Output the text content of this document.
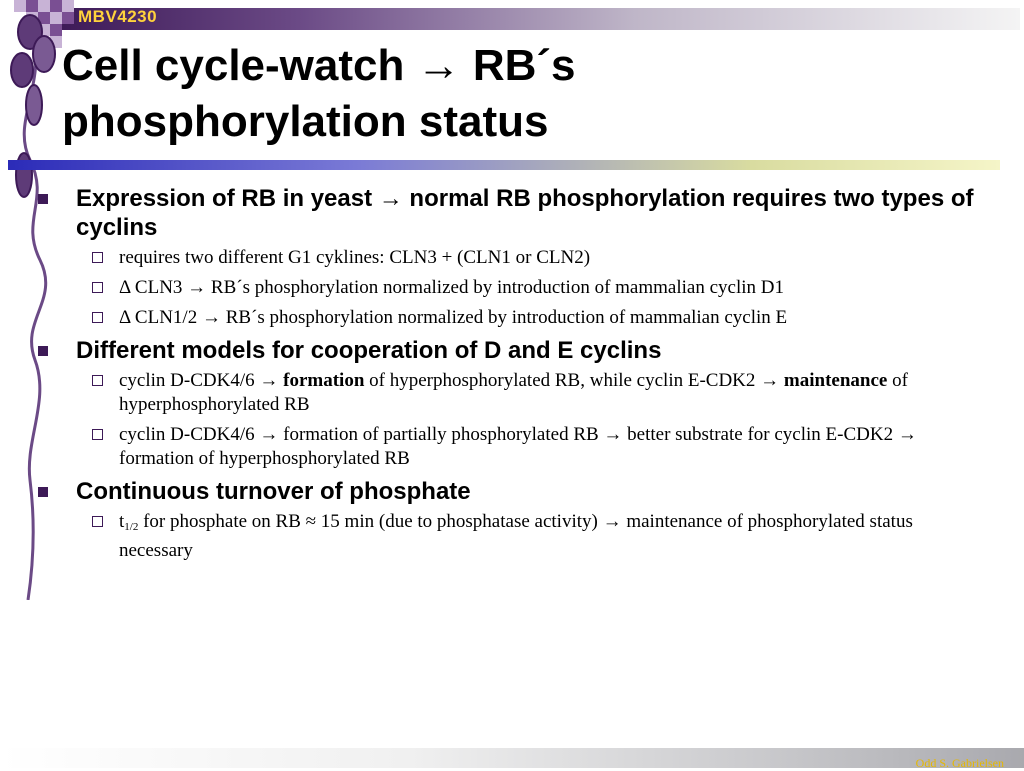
MBV4230
Cell cycle-watch → RB´s
phosphorylation status
Expression of RB in yeast → normal RB phosphorylation requires two types of cyclins
requires two different G1 cyklines: CLN3 + (CLN1 or CLN2)
Δ CLN3 → RB´s phosphorylation normalized by introduction of mammalian cyclin D1
Δ CLN1/2 → RB´s phosphorylation normalized by introduction of mammalian cyclin E
Different models for cooperation of D and E cyclins
cyclin D-CDK4/6 → formation of hyperphosphorylated RB, while cyclin E-CDK2 → maintenance of hyperphosphorylated RB
cyclin D-CDK4/6 → formation of partially phosphorylated RB → better substrate for cyclin E-CDK2 → formation of hyperphosphorylated RB
Continuous turnover of phosphate
$t_{1/2}$ for phosphate on RB ≈ 15 min (due to phosphatase activity) → maintenance of phosphorylated status necessary
Odd S. Gabrielsen
